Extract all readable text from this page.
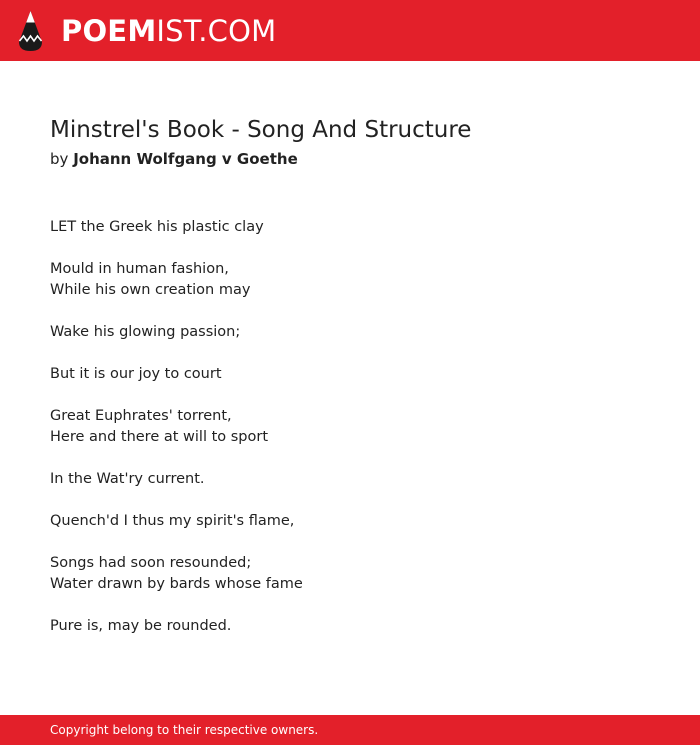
POEMIST.COM
Minstrel's Book - Song And Structure

by Johann Wolfgang v Goethe

LET the Greek his plastic clay

Mould in human fashion,
While his own creation may

Wake his glowing passion;

But it is our joy to court

Great Euphrates' torrent,
Here and there at will to sport

In the Wat'ry current.

Quench'd I thus my spirit's flame,

Songs had soon resounded;
Water drawn by bards whose fame

Pure is, may be rounded.

Copyright belong to their respective owners.
